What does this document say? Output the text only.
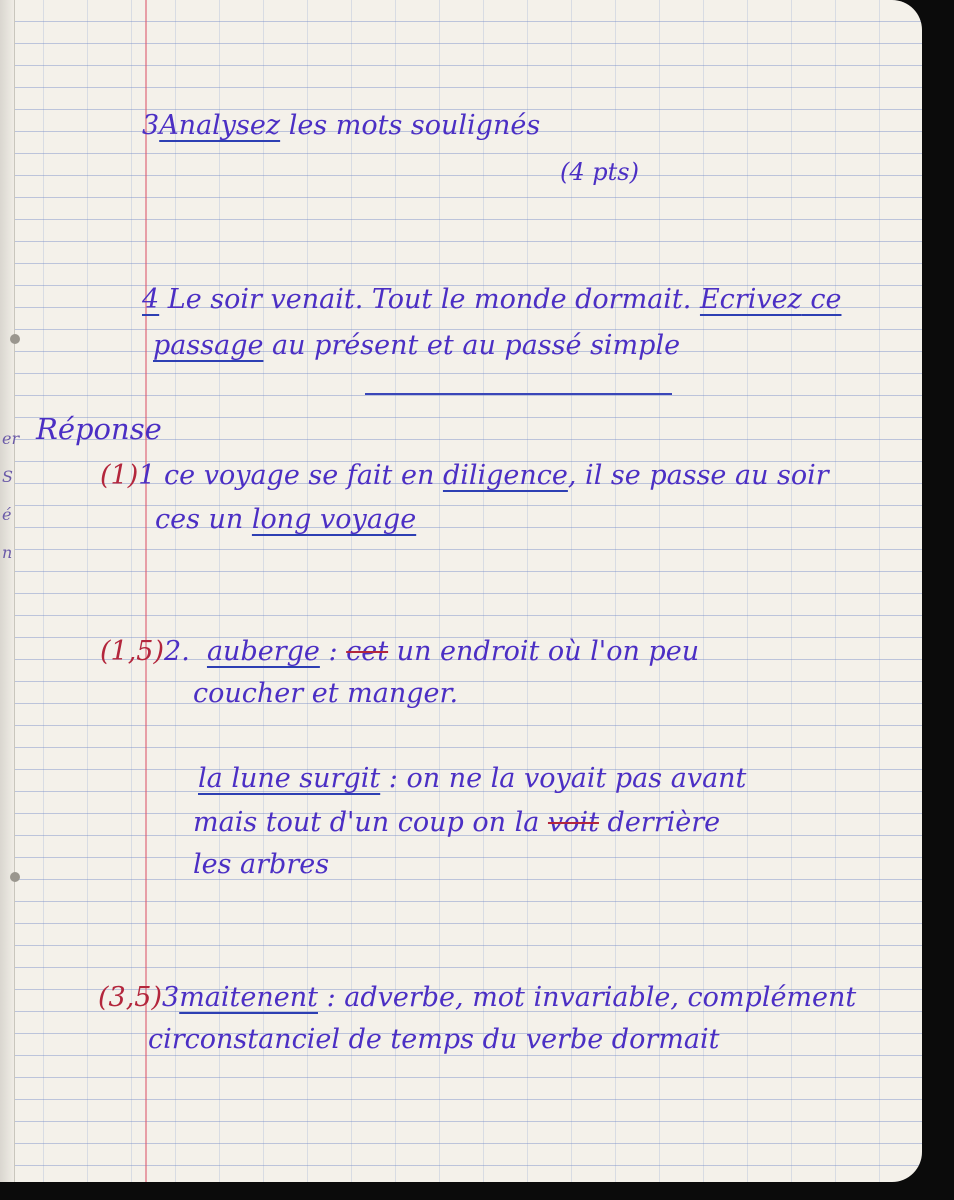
er
S
é
n
3Analysez les mots soulignés
(4 pts)
4 Le soir venait. Tout le monde dormait. Ecrivez ce
passage au présent et au passé simple
Réponse
(1)1 ce voyage se fait en diligence, il se passe au soir
ces un long voyage
(1,5)2. auberge : cet un endroit où l'on peu
coucher et manger.
la lune surgit : on ne la voyait pas avant
mais tout d'un coup on la voit derrière
les arbres
(3,5)3maitenent : adverbe, mot invariable, complément
circonstanciel de temps du verbe dormait
